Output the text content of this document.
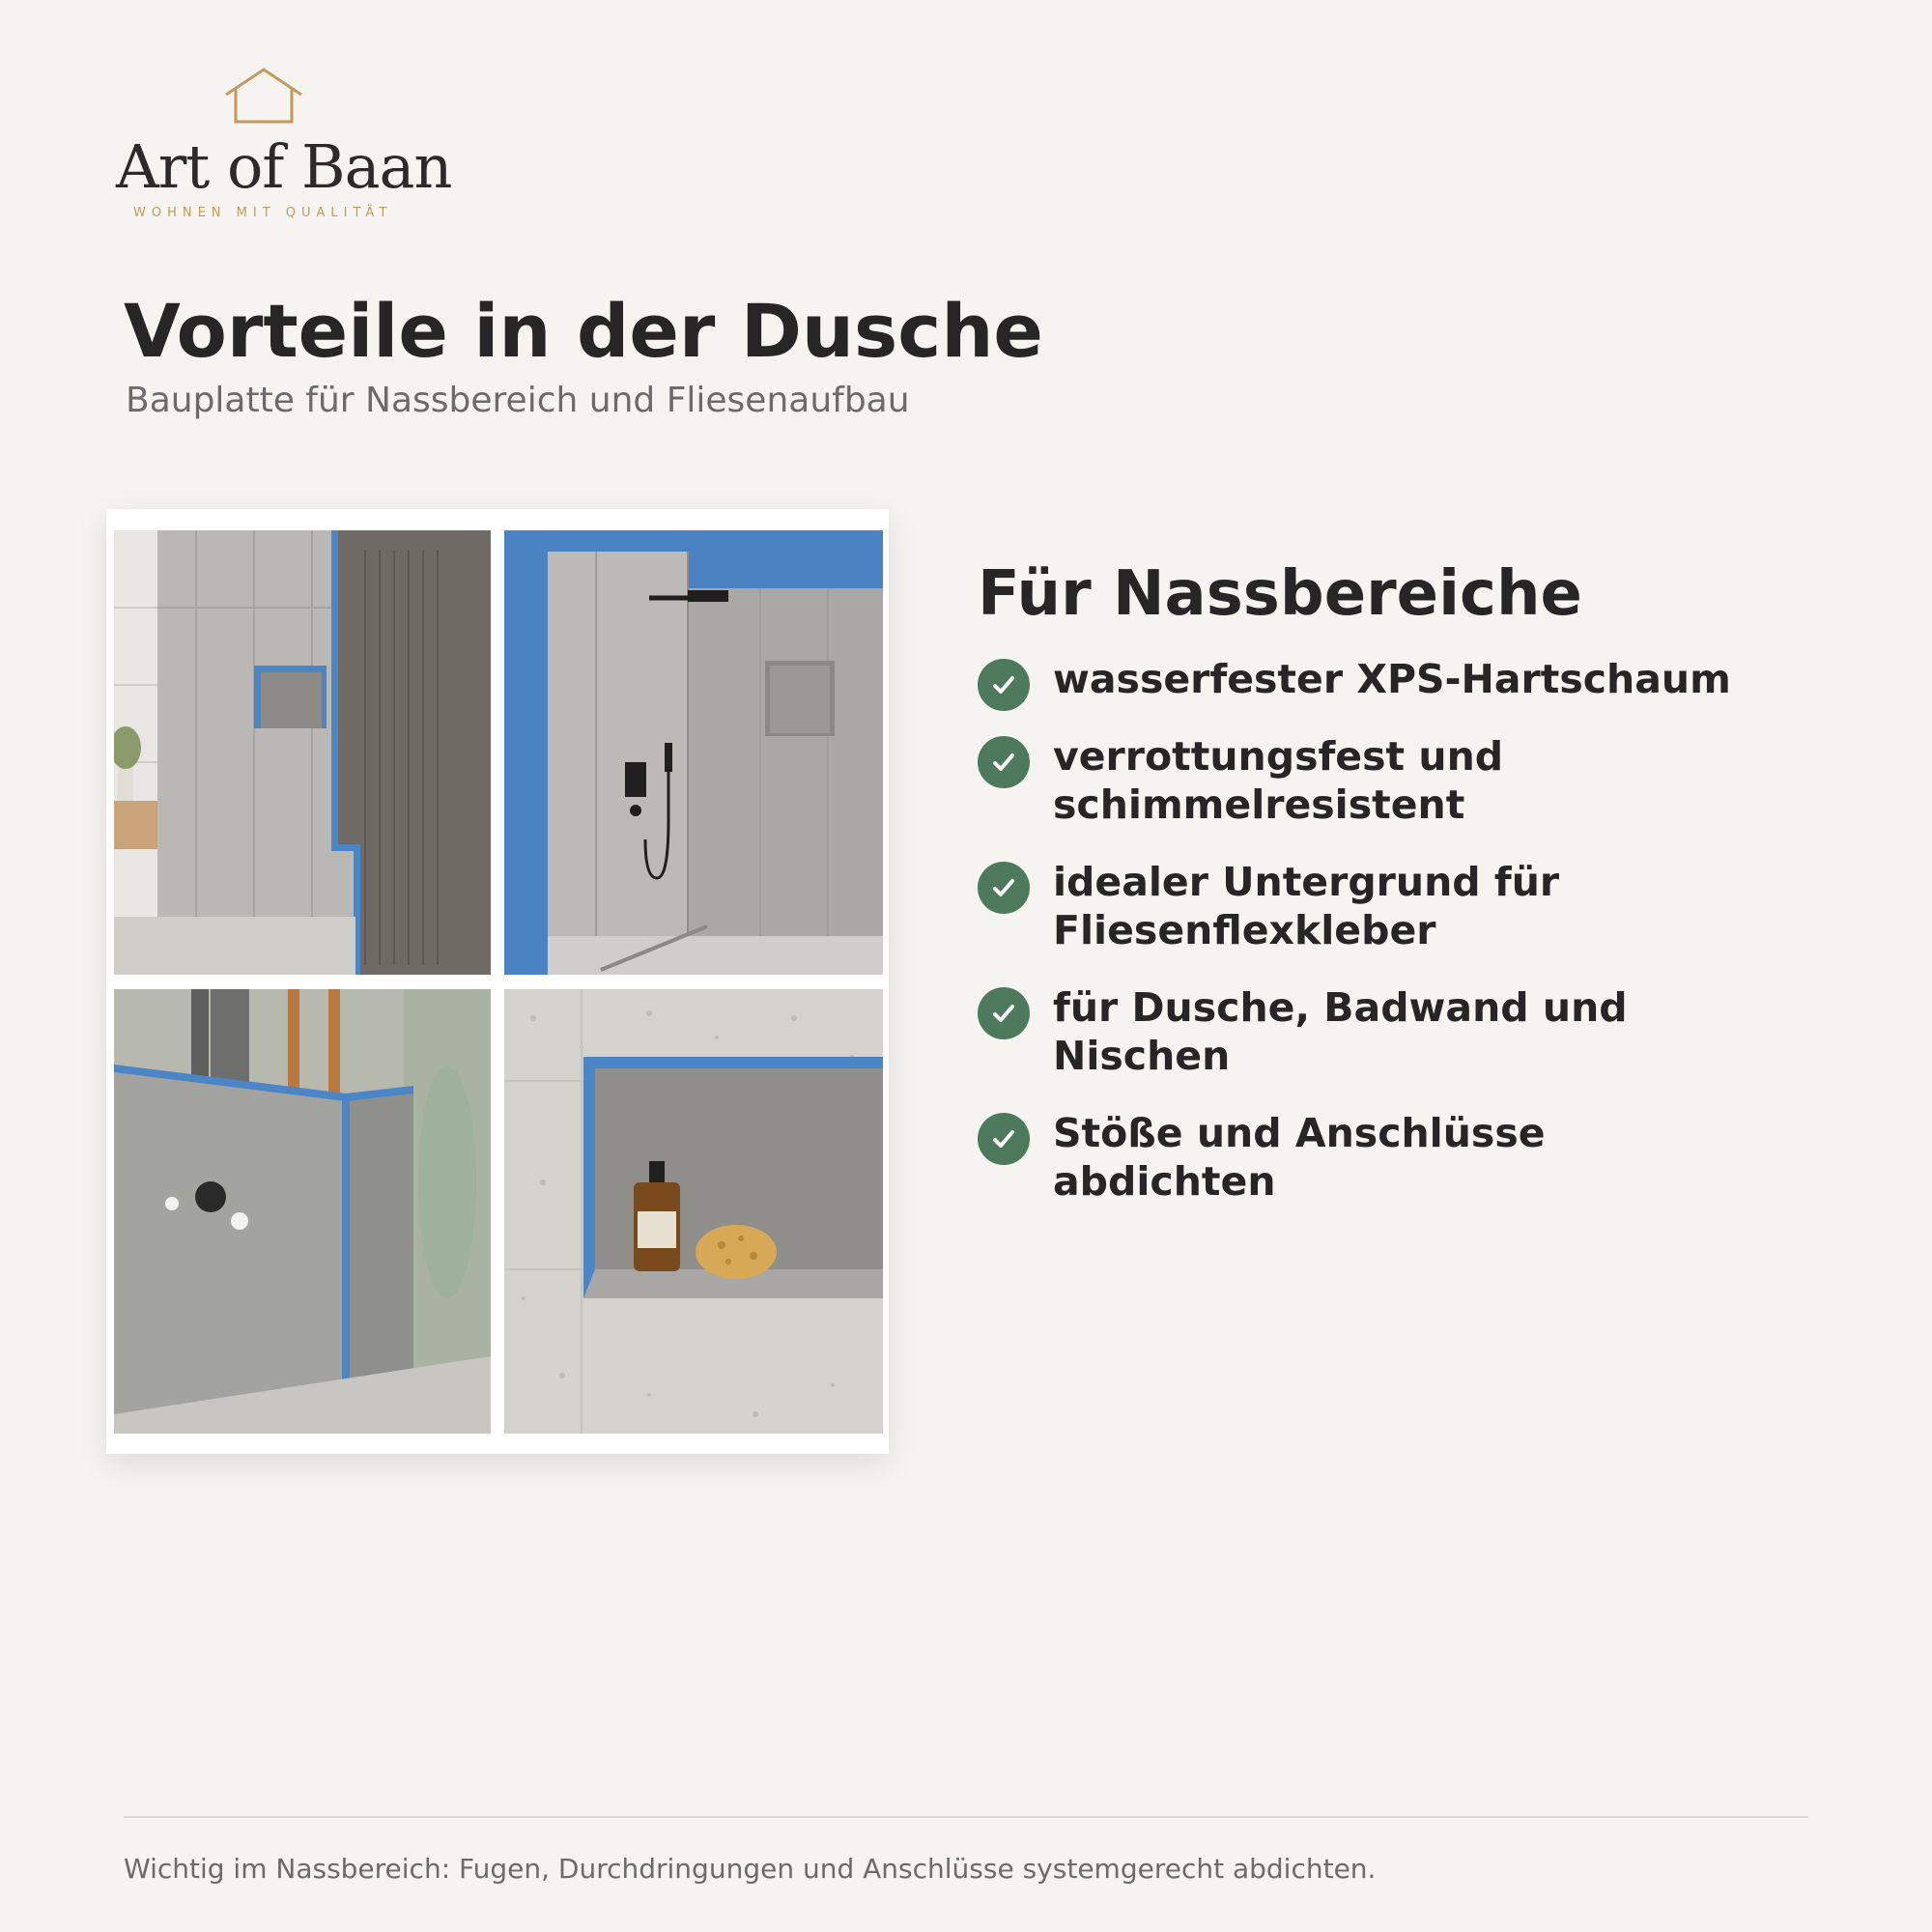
Art of Baan
WOHNEN MIT QUALITÄT
Vorteile in der Dusche
Bauplatte für Nassbereich und Fliesenaufbau
Für Nassbereiche
wasserfester XPS-Hartschaum
verrottungsfest und schimmelresistent
idealer Untergrund für Fliesenflexkleber
für Dusche, Badwand und Nischen
Stöße und Anschlüsse abdichten
Wichtig im Nassbereich: Fugen, Durchdringungen und Anschlüsse systemgerecht abdichten.
